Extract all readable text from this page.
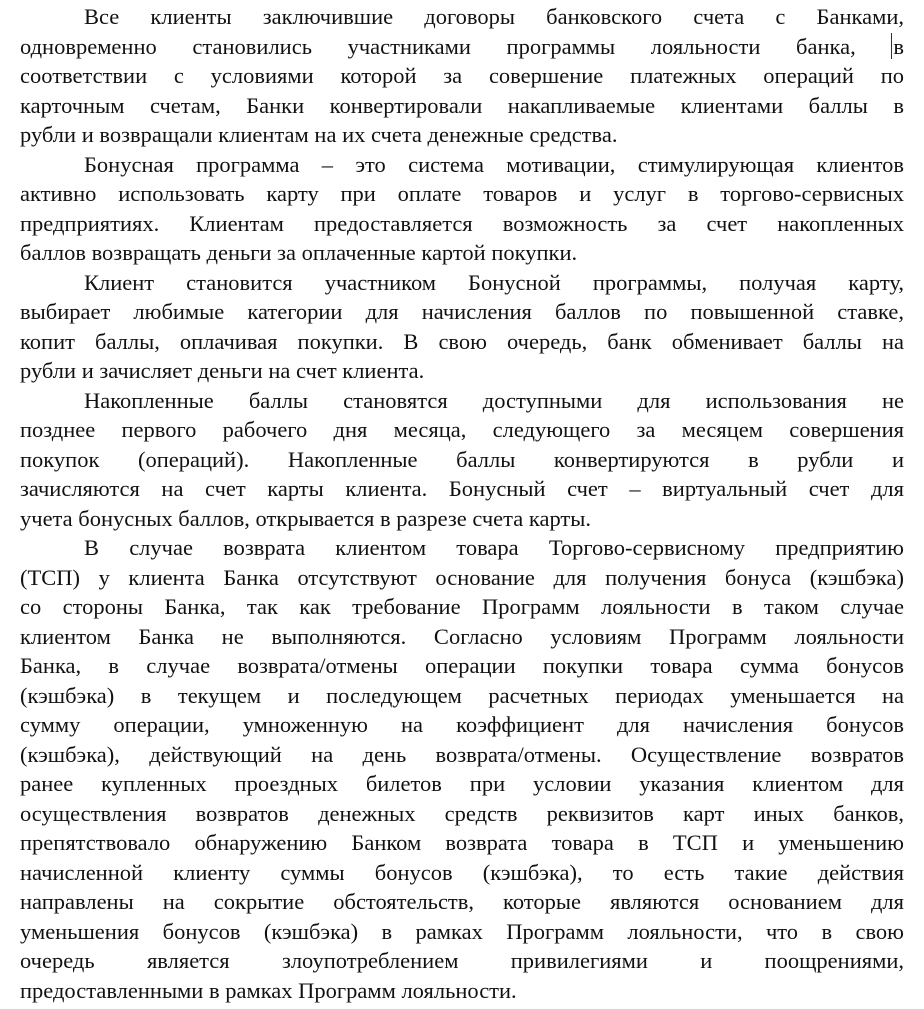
Все клиенты заключившие договоры банковского счета с Банками,
одновременно становились участниками программы лояльности банка, в
соответствии с условиями которой за совершение платежных операций по
карточным счетам, Банки конвертировали накапливаемые клиентами баллы в
рубли и возвращали клиентам на их счета денежные средства.
Бонусная программа – это система мотивации, стимулирующая клиентов
активно использовать карту при оплате товаров и услуг в торгово-сервисных
предприятиях. Клиентам предоставляется возможность за счет накопленных
баллов возвращать деньги за оплаченные картой покупки.
Клиент становится участником Бонусной программы, получая карту,
выбирает любимые категории для начисления баллов по повышенной ставке,
копит баллы, оплачивая покупки. В свою очередь, банк обменивает баллы на
рубли и зачисляет деньги на счет клиента.
Накопленные баллы становятся доступными для использования не
позднее первого рабочего дня месяца, следующего за месяцем совершения
покупок (операций). Накопленные баллы конвертируются в рубли и
зачисляются на счет карты клиента. Бонусный счет – виртуальный счет для
учета бонусных баллов, открывается в разрезе счета карты.
В случае возврата клиентом товара Торгово-сервисному предприятию
(ТСП) у клиента Банка отсутствуют основание для получения бонуса (кэшбэка)
со стороны Банка, так как требование Программ лояльности в таком случае
клиентом Банка не выполняются. Согласно условиям Программ лояльности
Банка, в случае возврата/отмены операции покупки товара сумма бонусов
(кэшбэка) в текущем и последующем расчетных периодах уменьшается на
сумму операции, умноженную на коэффициент для начисления бонусов
(кэшбэка), действующий на день возврата/отмены. Осуществление возвратов
ранее купленных проездных билетов при условии указания клиентом для
осуществления возвратов денежных средств реквизитов карт иных банков,
препятствовало обнаружению Банком возврата товара в ТСП и уменьшению
начисленной клиенту суммы бонусов (кэшбэка), то есть такие действия
направлены на сокрытие обстоятельств, которые являются основанием для
уменьшения бонусов (кэшбэка) в рамках Программ лояльности, что в свою
очередь является злоупотреблением привилегиями и поощрениями,
предоставленными в рамках Программ лояльности.
